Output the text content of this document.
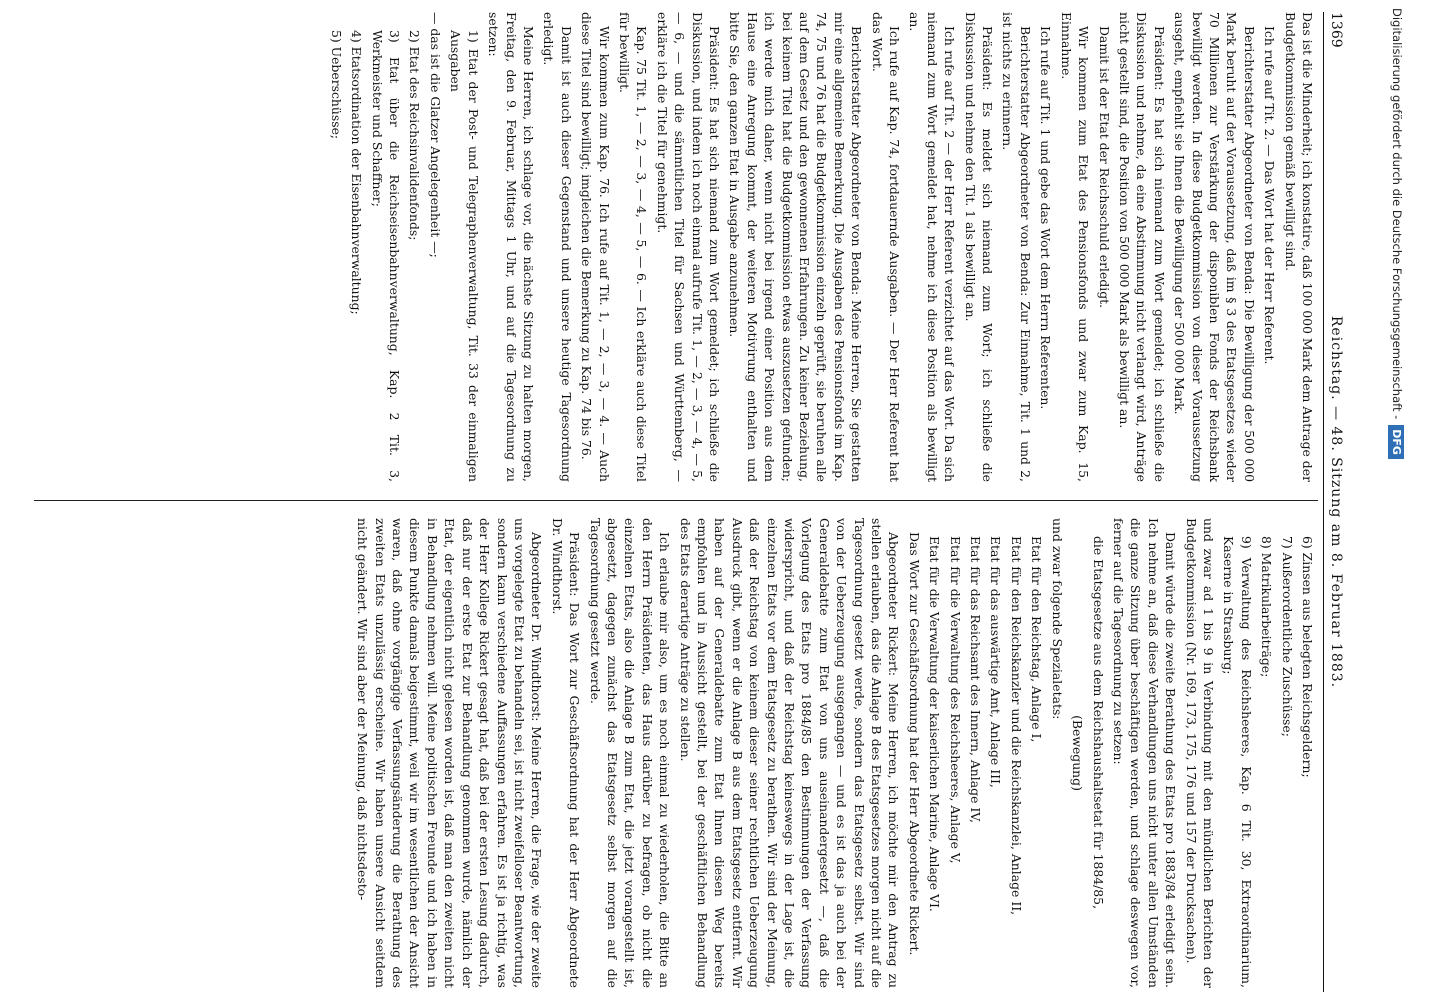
1369
Reichstag. — 48. Sitzung am 8. Februar 1883.

Das ist die Minderheit; ich konstatire, daß 100 000 Mark dem Antrage der Budgetkommission gemäß bewilligt sind.

Ich rufe auf Tit. 2. — Das Wort hat der Herr Referent.

Berichterstatter Abgeordneter von Benda: Die Bewilligung der 500 000 Mark beruht auf der Voraussetzung, daß im § 3 des Etatsgesetzes wieder 70 Millionen zur Verstärkung der disponiblen Fonds der Reichsbank bewilligt werden. In diese Budgetkommission von dieser Voraussetzung ausgeht, empfiehlt sie Ihnen die Bewilligung der 500 000 Mark.

Präsident: Es hat sich niemand zum Wort gemeldet; ich schließe die Diskussion und nehme, da eine Abstimmung nicht verlangt wird, Anträge nicht gestellt sind, die Position von 500 000 Mark als bewilligt an.

Damit ist der Etat der Reichsschuld erledigt.

Wir kommen zum Etat des Pensionsfonds und zwar zum Kap. 15, Einnahme.

Ich rufe auf Tit. 1 und gebe das Wort dem Herrn Referenten.

Berichterstatter Abgeordneter von Benda: Zur Einnahme, Tit. 1 und 2, ist nichts zu erinnern.

Präsident: Es meldet sich niemand zum Wort; ich schließe die Diskussion und nehme den Tit. 1 als bewilligt an.

Ich rufe auf Tit. 2 — der Herr Referent verzichtet auf das Wort. Da sich niemand zum Wort gemeldet hat, nehme ich diese Position als bewilligt an.

Ich rufe auf Kap. 74, fortdauernde Ausgaben. — Der Herr Referent hat das Wort.

Berichterstatter Abgeordneter von Benda: Meine Herren, Sie gestatten mir eine allgemeine Bemerkung. Die Ausgaben des Pensionsfonds im Kap. 74, 75 und 76 hat die Budgetkommission einzeln geprüft, sie beruhen alle auf dem Gesetz und den gewonnenen Erfahrungen. Zu keiner Beziehung, bei keinem Titel hat die Budgetkommission etwas auszusetzen gefunden; ich werde mich daher, wenn nicht bei irgend einer Position aus dem Hause eine Anregung kommt, der weiteren Motivirung enthalten und bitte Sie, den ganzen Etat in Ausgabe anzunehmen.

Präsident: Es hat sich niemand zum Wort gemeldet; ich schließe die Diskussion, und indem ich noch einmal aufrufe Tit. 1, — 2, — 3, — 4, — 5, — 6, — und die sämmtlichen Titel für Sachsen und Württemberg, — erkläre ich die Titel für genehmigt.

Kap. 75 Tit. 1, — 2, — 3, — 4, — 5, — 6. — Ich erkläre auch diese Titel für bewilligt.

Wir kommen zum Kap. 76. Ich rufe auf Tit. 1, — 2, — 3, — 4. — Auch diese Titel sind bewilligt; imgleichen die Bemerkung zu Kap. 74 bis 76.

Damit ist auch dieser Gegenstand und unsere heutige Tagesordnung erledigt.

Meine Herren, ich schlage vor, die nächste Sitzung zu halten morgen, Freitag, den 9. Februar, Mittags 1 Uhr, und auf die Tagesordnung zu setzen:

1) Etat der Post- und Telegraphenverwaltung, Tit. 33 der einmaligen Ausgaben

— das ist die Glatzer Angelegenheit —;

2) Etat des Reichsinvalidenfonds;

3) Etat über die Reichseisenbahnverwaltung, Kap. 2 Tit. 3, Werkmeister und Schaffner;

4) Etatsordination der Eisenbahnverwaltung;

5) Ueberschüsse;

6) Zinsen aus belegten Reichsgeldern;

7) Außerordentliche Zuschüsse;

8) Matrikularbeiträge;

9) Verwaltung des Reichsheeres, Kap. 6 Tit. 30, Extraordinarium, Kaserne in Strasburg;

und zwar ad 1 bis 9 in Verbindung mit den mündlichen Berichten der Budgetkommission (Nr. 169, 173, 175, 176 und 157 der Drucksachen).

Damit würde die zweite Berathung des Etats pro 1883/84 erledigt sein. Ich nehme an, daß diese Verhandlungen uns nicht unter allen Umständen die ganze Sitzung über beschäftigen werden, und schlage deswegen vor, ferner auf die Tagesordnung zu setzen:

die Etatsgesetze aus dem Reichshaushaltsetat für 1884/85,

(Bewegung)

und zwar folgende Spezialetats:

Etat für den Reichstag, Anlage I,

Etat für den Reichskanzler und die Reichskanzlei, Anlage II,

Etat für das auswärtige Amt, Anlage III,

Etat für das Reichsamt des Innern, Anlage IV,

Etat für die Verwaltung des Reichsheeres, Anlage V,

Etat für die Verwaltung der kaiserlichen Marine, Anlage VI.

Das Wort zur Geschäftsordnung hat der Herr Abgeordnete Rickert.

Abgeordneter Rickert: Meine Herren, ich möchte mir den Antrag zu stellen erlauben, das die Anlage B des Etatsgesetzes morgen nicht auf die Tagesordnung gesetzt werde, sondern das Etatsgesetz selbst. Wir sind von der Ueberzeugung ausgegangen — und es ist das ja auch bei der Generaldebatte zum Etat von uns auseinandergesetzt —, daß die Vorlegung des Etats pro 1884/85 den Bestimmungen der Verfassung widerspricht, und daß der Reichstag keineswegs in der Lage ist, die einzelnen Etats vor dem Etatsgesetz zu berathen. Wir sind der Meinung, daß der Reichstag von keinem dieser seiner rechtlichen Ueberzeugung Ausdruck gibt, wenn er die Anlage B aus dem Etatsgesetz entfernt. Wir haben auf der Generaldebatte zum Etat Ihnen diesen Weg bereits empfohlen und in Aussicht gestellt, bei der geschäftlichen Behandlung des Etats derartige Anträge zu stellen.

Ich erlaube mir also, um es noch einmal zu wiederholen, die Bitte an den Herrn Präsidenten, das Haus darüber zu befragen, ob nicht die einzelnen Etats, also die Anlage B zum Etat, die jetzt vorangestellt ist, abgesetzt, dagegen zunächst das Etatsgesetz selbst morgen auf die Tagesordnung gesetzt werde.

Präsident: Das Wort zur Geschäftsordnung hat der Herr Abgeordnete Dr. Windthorst.

Abgeordneter Dr. Windthorst: Meine Herren, die Frage, wie der zweite uns vorgelegte Etat zu behandeln sei, ist nicht zweifelloser Beantwortung, sondern kann verschiedene Auffassungen erfahren. Es ist ja richtig, was der Herr Kollege Rickert gesagt hat, daß bei der ersten Lesung dadurch, daß nur der erste Etat zur Behandlung genommen wurde, nämlich der Etat, der eigentlich nicht gelesen worden ist, daß man den zweiten nicht in Behandlung nehmen will. Meine politischen Freunde und ich haben in diesem Punkte damals beigestimmt, weil wir im wesentlichen der Ansicht waren, daß ohne vorgängige Verfassungsänderung die Berathung des zweiten Etats unzulässig erscheine. Wir haben unsere Ansicht seitdem nicht geändert. Wir sind aber der Meinung, daß nichtsdesto-

Digitalisierung gefördert durch die Deutsche Forschungsgemeinschaft -DFG
